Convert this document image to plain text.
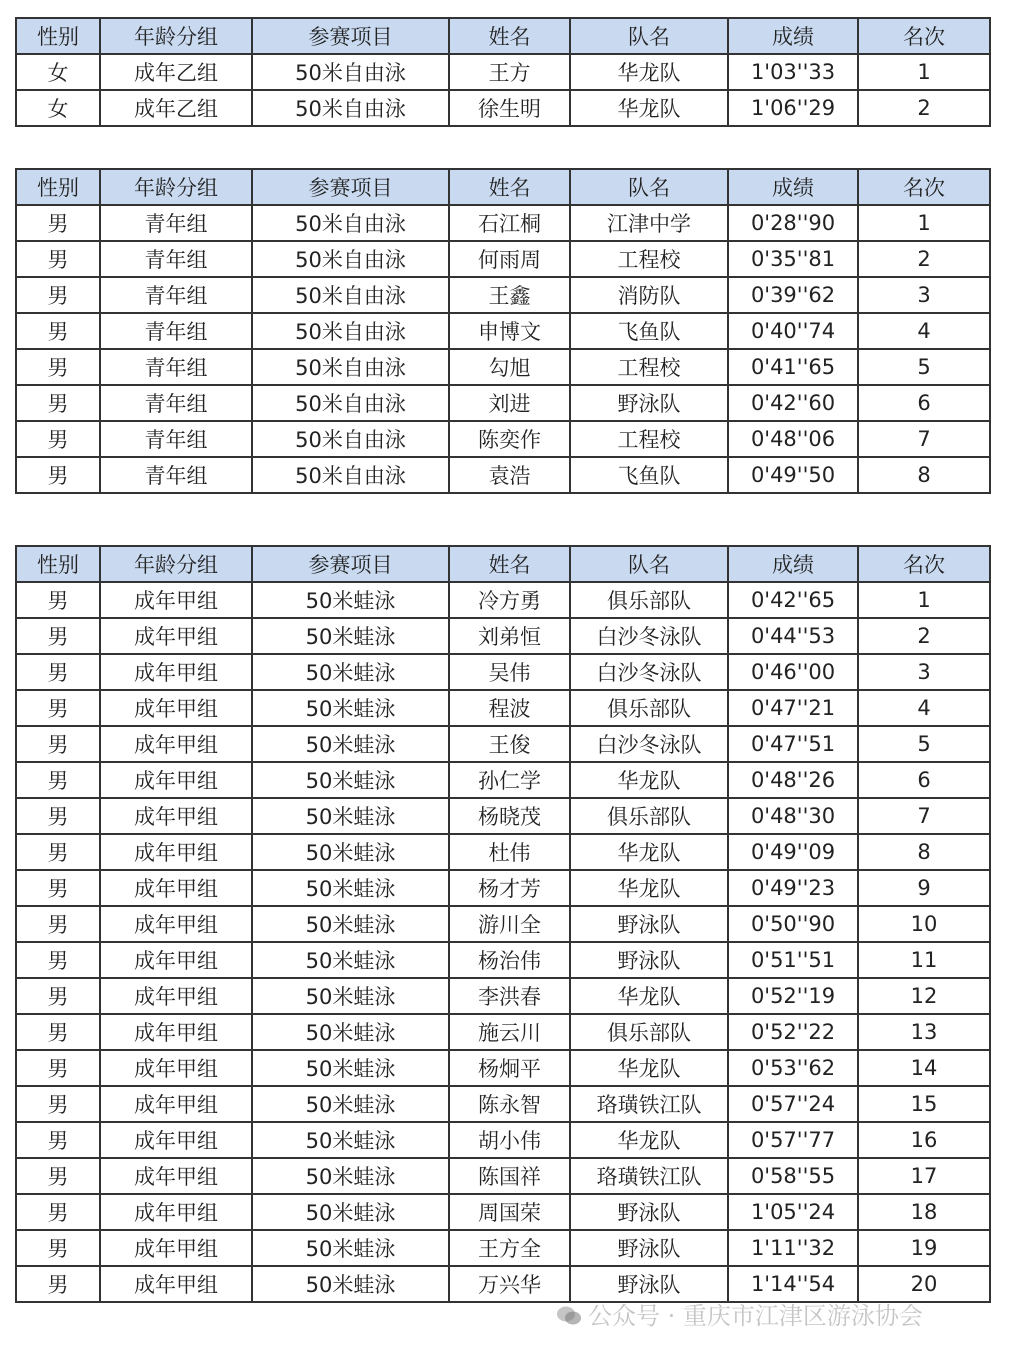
性别	年龄分组	参赛项目	姓名	队名	成绩	名次
女	成年乙组	50米自由泳	王方	华龙队	1'03''33	1
女	成年乙组	50米自由泳	徐生明	华龙队	1'06''29	2
性别	年龄分组	参赛项目	姓名	队名	成绩	名次
男	青年组	50米自由泳	石江桐	江津中学	0'28''90	1
男	青年组	50米自由泳	何雨周	工程校	0'35''81	2
男	青年组	50米自由泳	王鑫	消防队	0'39''62	3
男	青年组	50米自由泳	申博文	飞鱼队	0'40''74	4
男	青年组	50米自由泳	勾旭	工程校	0'41''65	5
男	青年组	50米自由泳	刘进	野泳队	0'42''60	6
男	青年组	50米自由泳	陈奕作	工程校	0'48''06	7
男	青年组	50米自由泳	袁浩	飞鱼队	0'49''50	8
性别	年龄分组	参赛项目	姓名	队名	成绩	名次
男	成年甲组	50米蛙泳	冷方勇	俱乐部队	0'42''65	1
男	成年甲组	50米蛙泳	刘弟恒	白沙冬泳队	0'44''53	2
男	成年甲组	50米蛙泳	吴伟	白沙冬泳队	0'46''00	3
男	成年甲组	50米蛙泳	程波	俱乐部队	0'47''21	4
男	成年甲组	50米蛙泳	王俊	白沙冬泳队	0'47''51	5
男	成年甲组	50米蛙泳	孙仁学	华龙队	0'48''26	6
男	成年甲组	50米蛙泳	杨晓茂	俱乐部队	0'48''30	7
男	成年甲组	50米蛙泳	杜伟	华龙队	0'49''09	8
男	成年甲组	50米蛙泳	杨才芳	华龙队	0'49''23	9
男	成年甲组	50米蛙泳	游川全	野泳队	0'50''90	10
男	成年甲组	50米蛙泳	杨治伟	野泳队	0'51''51	11
男	成年甲组	50米蛙泳	李洪春	华龙队	0'52''19	12
男	成年甲组	50米蛙泳	施云川	俱乐部队	0'52''22	13
男	成年甲组	50米蛙泳	杨炯平	华龙队	0'53''62	14
男	成年甲组	50米蛙泳	陈永智	珞璜铁江队	0'57''24	15
男	成年甲组	50米蛙泳	胡小伟	华龙队	0'57''77	16
男	成年甲组	50米蛙泳	陈国祥	珞璜铁江队	0'58''55	17
男	成年甲组	50米蛙泳	周国荣	野泳队	1'05''24	18
男	成年甲组	50米蛙泳	王方全	野泳队	1'11''32	19
男	成年甲组	50米蛙泳	万兴华	野泳队	1'14''54	20
公众号 · 重庆市江津区游泳协会
